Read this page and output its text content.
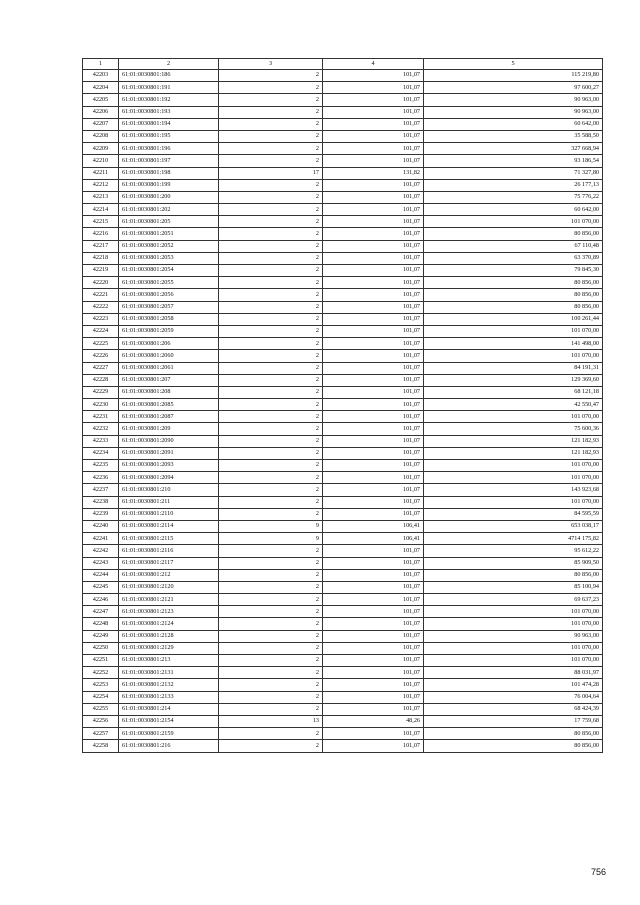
1	2	3	4	5
42203	61:01:0030801:186	2	101,07	115 219,80
42204	61:01:0030801:191	2	101,07	97 600,27
42205	61:01:0030801:192	2	101,07	90 963,00
42206	61:01:0030801:193	2	101,07	90 963,00
42207	61:01:0030801:194	2	101,07	60 642,00
42208	61:01:0030801:195	2	101,07	35 588,50
42209	61:01:0030801:196	2	101,07	327 668,94
42210	61:01:0030801:197	2	101,07	93 186,54
42211	61:01:0030801:198	17	131,82	71 327,80
42212	61:01:0030801:199	2	101,07	26 177,13
42213	61:01:0030801:200	2	101,07	75 776,22
42214	61:01:0030801:202	2	101,07	60 642,00
42215	61:01:0030801:205	2	101,07	101 070,00
42216	61:01:0030801:2051	2	101,07	80 856,00
42217	61:01:0030801:2052	2	101,07	67 110,48
42218	61:01:0030801:2053	2	101,07	63 370,89
42219	61:01:0030801:2054	2	101,07	79 845,30
42220	61:01:0030801:2055	2	101,07	80 856,00
42221	61:01:0030801:2056	2	101,07	80 856,00
42222	61:01:0030801:2057	2	101,07	80 856,00
42223	61:01:0030801:2058	2	101,07	100 261,44
42224	61:01:0030801:2059	2	101,07	101 070,00
42225	61:01:0030801:206	2	101,07	141 498,00
42226	61:01:0030801:2060	2	101,07	101 070,00
42227	61:01:0030801:2061	2	101,07	84 191,31
42228	61:01:0030801:207	2	101,07	129 369,60
42229	61:01:0030801:208	2	101,07	68 121,18
42230	61:01:0030801:2085	2	101,07	42 550,47
42231	61:01:0030801:2087	2	101,07	101 070,00
42232	61:01:0030801:209	2	101,07	75 600,36
42233	61:01:0030801:2090	2	101,07	121 182,93
42234	61:01:0030801:2091	2	101,07	121 182,93
42235	61:01:0030801:2093	2	101,07	101 070,00
42236	61:01:0030801:2094	2	101,07	101 070,00
42237	61:01:0030801:210	2	101,07	143 923,68
42238	61:01:0030801:211	2	101,07	101 070,00
42239	61:01:0030801:2110	2	101,07	84 595,59
42240	61:01:0030801:2114	9	106,41	653 038,17
42241	61:01:0030801:2115	9	106,41	4714 175,82
42242	61:01:0030801:2116	2	101,07	95 612,22
42243	61:01:0030801:2117	2	101,07	85 909,50
42244	61:01:0030801:212	2	101,07	80 856,00
42245	61:01:0030801:2120	2	101,07	85 100,94
42246	61:01:0030801:2121	2	101,07	69 637,23
42247	61:01:0030801:2123	2	101,07	101 070,00
42248	61:01:0030801:2124	2	101,07	101 070,00
42249	61:01:0030801:2128	2	101,07	90 963,00
42250	61:01:0030801:2129	2	101,07	101 070,00
42251	61:01:0030801:213	2	101,07	101 070,00
42252	61:01:0030801:2131	2	101,07	88 031,97
42253	61:01:0030801:2132	2	101,07	101 474,28
42254	61:01:0030801:2133	2	101,07	76 004,64
42255	61:01:0030801:214	2	101,07	68 424,39
42256	61:01:0030801:2154	13	48,26	17 759,68
42257	61:01:0030801:2159	2	101,07	80 856,00
42258	61:01:0030801:216	2	101,07	80 856,00
756
